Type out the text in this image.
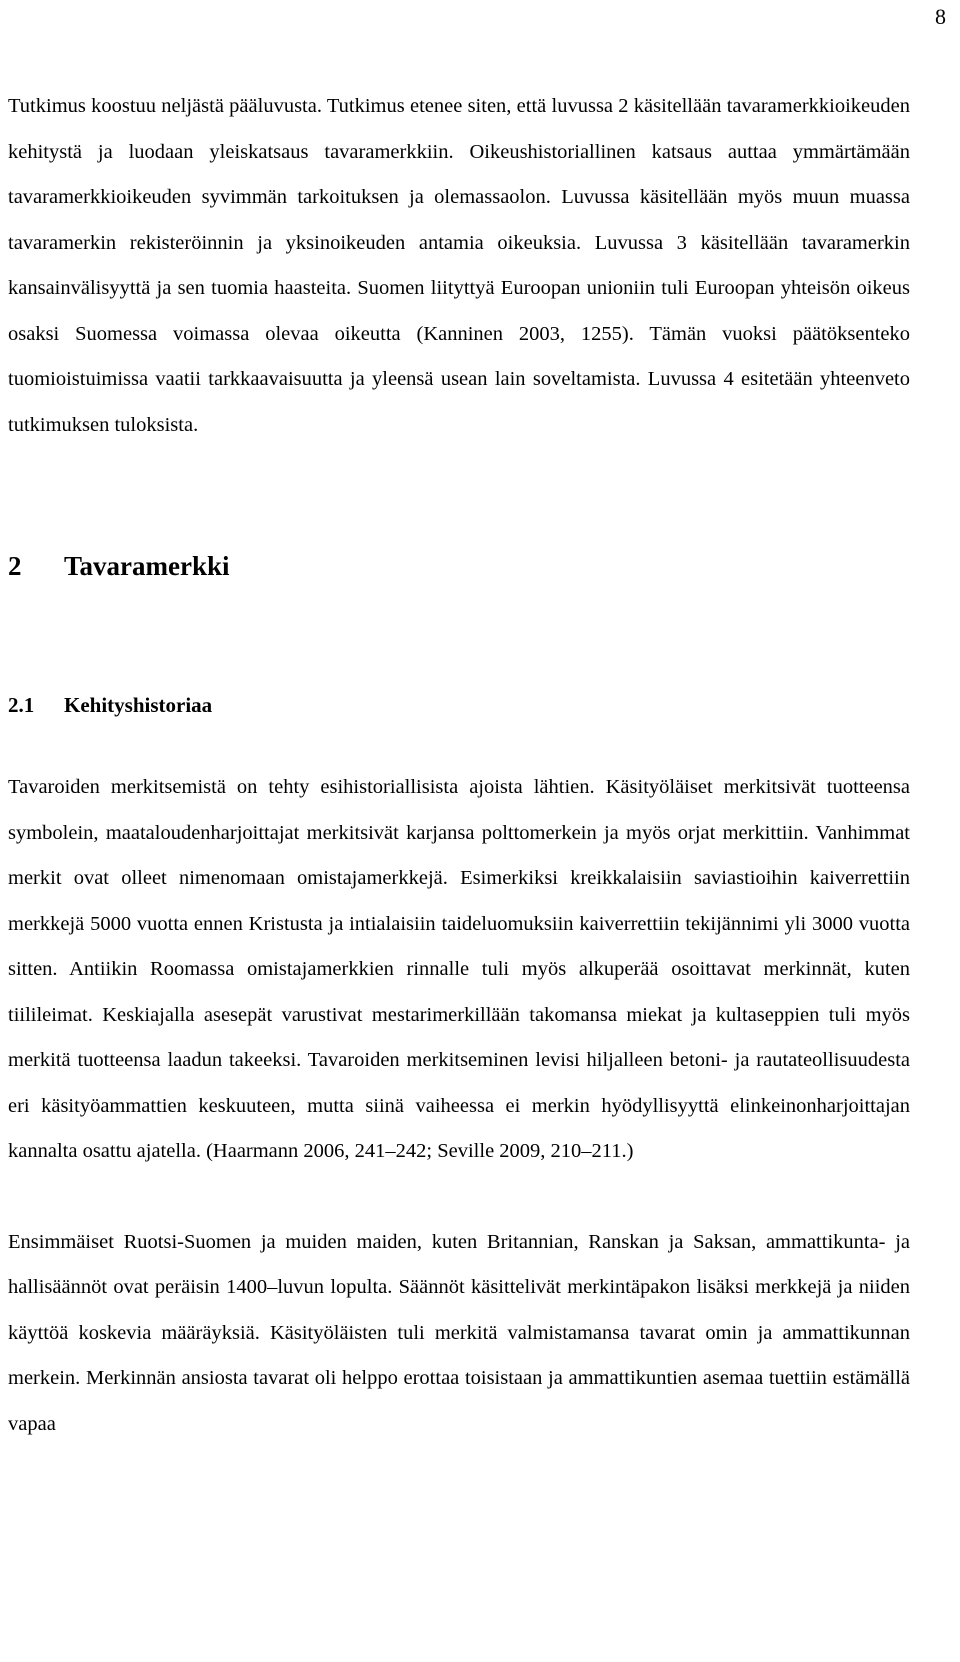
8

Tutkimus koostuu neljästä pääluvusta. Tutkimus etenee siten, että luvussa 2 käsitellään tavaramerkkioikeuden kehitystä ja luodaan yleiskatsaus tavaramerkkiin. Oikeushistoriallinen katsaus auttaa ymmärtämään tavaramerkkioikeuden syvimmän tarkoituksen ja olemassaolon. Luvussa käsitellään myös muun muassa tavaramerkin rekisteröinnin ja yksinoikeuden antamia oikeuksia. Luvussa 3 käsitellään tavaramerkin kansainvälisyyttä ja sen tuomia haasteita. Suomen liityttyä Euroopan unioniin tuli Euroopan yhteisön oikeus osaksi Suomessa voimassa olevaa oikeutta (Kanninen 2003, 1255). Tämän vuoksi päätöksenteko tuomioistuimissa vaatii tarkkaavaisuutta ja yleensä usean lain soveltamista. Luvussa 4 esitetään yhteenveto tutkimuksen tuloksista.

2	Tavaramerkki
2.1	Kehityshistoriaa

Tavaroiden merkitsemistä on tehty esihistoriallisista ajoista lähtien. Käsityöläiset merkitsivät tuotteensa symbolein, maataloudenharjoittajat merkitsivät karjansa polttomerkein ja myös orjat merkittiin. Vanhimmat merkit ovat olleet nimenomaan omistajamerkkejä. Esimerkiksi kreikkalaisiin saviastioihin kaiverrettiin merkkejä 5000 vuotta ennen Kristusta ja intialaisiin taideluomuksiin kaiverrettiin tekijännimi yli 3000 vuotta sitten. Antiikin Roomassa omistajamerkkien rinnalle tuli myös alkuperää osoittavat merkinnät, kuten tiilileimat. Keskiajalla asesepät varustivat mestarimerkillään takomansa miekat ja kultaseppien tuli myös merkitä tuotteensa laadun takeeksi. Tavaroiden merkitseminen levisi hiljalleen betoni- ja rautateollisuudesta eri käsityöammattien keskuuteen, mutta siinä vaiheessa ei merkin hyödyllisyyttä elinkeinonharjoittajan kannalta osattu ajatella. (Haarmann 2006, 241–242; Seville 2009, 210–211.)

Ensimmäiset Ruotsi-Suomen ja muiden maiden, kuten Britannian, Ranskan ja Saksan, ammattikunta- ja hallisäännöt ovat peräisin 1400–luvun lopulta. Säännöt käsittelivät merkintäpakon lisäksi merkkejä ja niiden käyttöä koskevia määräyksiä. Käsityöläisten tuli merkitä valmistamansa tavarat omin ja ammattikunnan merkein. Merkinnän ansiosta tavarat oli helppo erottaa toisistaan ja ammattikuntien asemaa tuettiin estämällä vapaa
